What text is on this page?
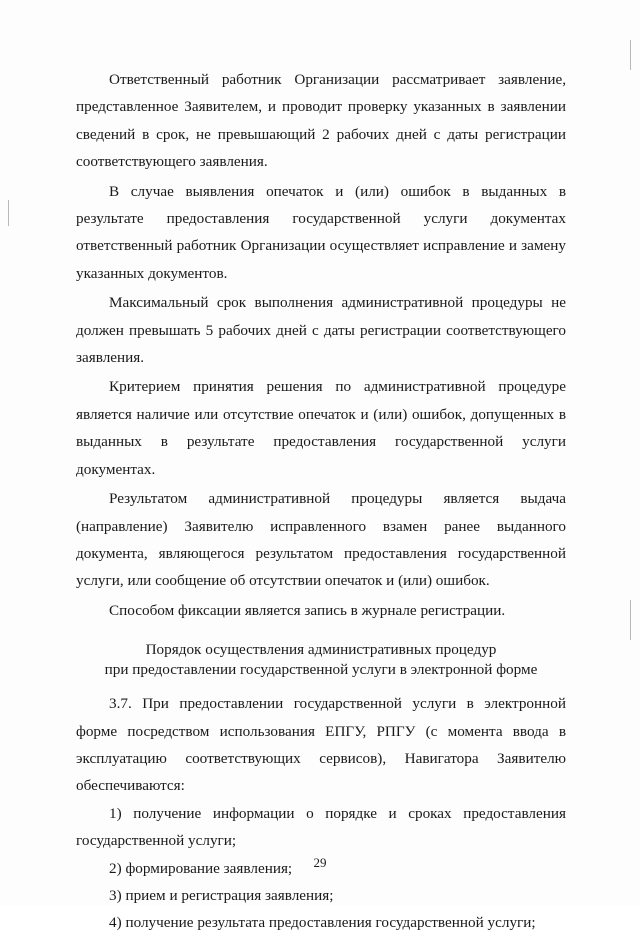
Ответственный работник Организации рассматривает заявление, представленное Заявителем, и проводит проверку указанных в заявлении сведений в срок, не превышающий 2 рабочих дней с даты регистрации соответствующего заявления.

В случае выявления опечаток и (или) ошибок в выданных в результате предоставления государственной услуги документах ответственный работник Организации осуществляет исправление и замену указанных документов.

Максимальный срок выполнения административной процедуры не должен превышать 5 рабочих дней с даты регистрации соответствующего заявления.

Критерием принятия решения по административной процедуре является наличие или отсутствие опечаток и (или) ошибок, допущенных в выданных в результате предоставления государственной услуги документах.

Результатом административной процедуры является выдача (направление) Заявителю исправленного взамен ранее выданного документа, являющегося результатом предоставления государственной услуги, или сообщение об отсутствии опечаток и (или) ошибок.

Способом фиксации является запись в журнале регистрации.

Порядок осуществления административных процедур
при предоставлении государственной услуги в электронной форме

3.7. При предоставлении государственной услуги в электронной форме посредством использования ЕПГУ, РПГУ (с момента ввода в эксплуатацию соответствующих сервисов), Навигатора Заявителю обеспечиваются:

1) получение информации о порядке и сроках предоставления государственной услуги;

2) формирование заявления;

3) прием и регистрация заявления;

4) получение результата предоставления государственной услуги;

29
